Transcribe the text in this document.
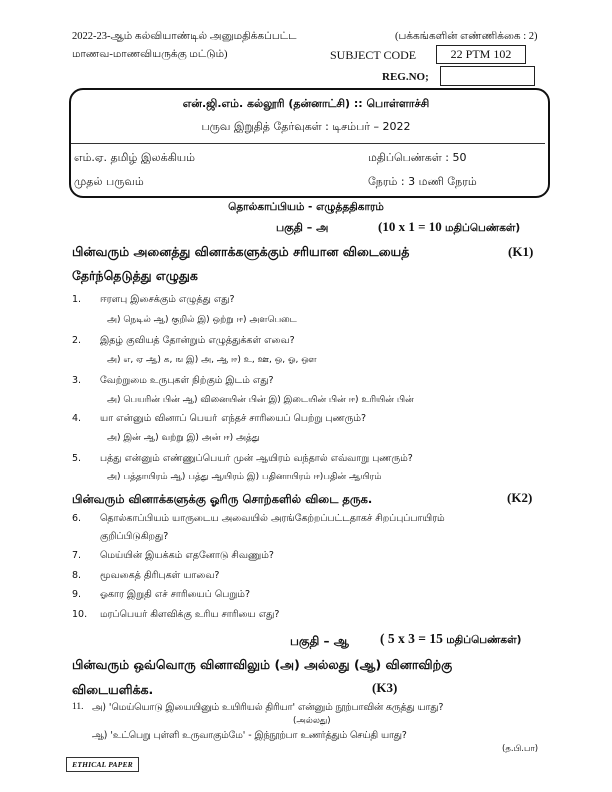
2022-23-ஆம் கல்வியாண்டில் அனுமதிக்கப்பட்ட
மாணவ-மாணவியருக்கு மட்டும்)
(பக்கங்களின் எண்ணிக்கை : 2)
SUBJECT CODE	22 PTM 102
REG.NO;
என்.ஜி.எம். கல்லூரி (தன்னாட்சி) :: பொள்ளாச்சி
பருவ இறுதித் தேர்வுகள் : டிசம்பர் – 2022
எம்.ஏ. தமிழ் இலக்கியம்	மதிப்பெண்கள் : 50
முதல் பருவம்	நேரம் : 3 மணி நேரம்
தொல்காப்பியம் - எழுத்ததிகாரம்
பகுதி – அ	(10 x 1 = 10 மதிப்பெண்கள்)
பின்வரும் அனைத்து வினாக்களுக்கும் சரியான விடையைத்	(K1)
தேர்ந்தெடுத்து எழுதுக
1. ஈரளபு இசைக்கும் எழுத்து எது?
அ) நெடில் ஆ) குறில் இ) ஒற்று ஈ) அளபெடை
2. இதழ் குவியத் தோன்றும் எழுத்துக்கள் எவை?
அ) எ, ஏ ஆ) க, ங இ) அ, ஆ ஈ) உ, ஊ, ஒ, ஓ, ஔ
3. வேற்றுமை உருபுகள் நிற்கும் இடம் எது?
அ) பெயரின் பின் ஆ) வினையின் பின் இ) இடையின் பின் ஈ) உரியின் பின்
4. யா என்னும் வினாப் பெயா் எந்தச் சாரியைப் பெற்று புணரும்?
அ) இன் ஆ) வற்று இ) அன் ஈ) அத்து
5. பத்து என்னும் எண்ணுப்பெயர் முன் ஆயிரம் வந்தால் எவ்வாறு புணரும்?
அ) பத்தாயிரம் ஆ) பத்து ஆயிரம் இ) பதினாயிரம் ஈ)பதின் ஆயிரம்
பின்வரும் வினாக்களுக்கு ஓரிரு சொற்களில் விடை தருக.	(K2)
6. தொல்காப்பியம் யாருடைய அவையில் அரங்கேற்றப்பட்டதாகச் சிறப்புப்பாயிரம்
குறிப்பிடுகிறது?
7. மெய்யின் இயக்கம் எதனோடு சிவணும்?
8. மூவகைத் திரிபுகள் யாவை?
9. ஓகார இறுதி எச் சாரியைப் பெறும்?
10. மரப்பெயர் கிளவிக்கு உரிய சாரியை எது?
பகுதி – ஆ ( 5 x 3 = 15 மதிப்பெண்கள்)
பின்வரும் ஒவ்வொரு வினாவிலும் (அ) அல்லது (ஆ) வினாவிற்கு
விடையளிக்க.	(K3)
11. அ) 'மெய்யொடு இயையினும் உயிரியல் திரியா' என்னும் நூற்பாவின் கருத்து யாது?
(அல்லது)
ஆ) 'உட்பெறு புள்ளி உருவாகும்மே' - இந்நூற்பா உணர்த்தும் செய்தி யாது?
(த.பி.பா)
ETHICAL PAPER
